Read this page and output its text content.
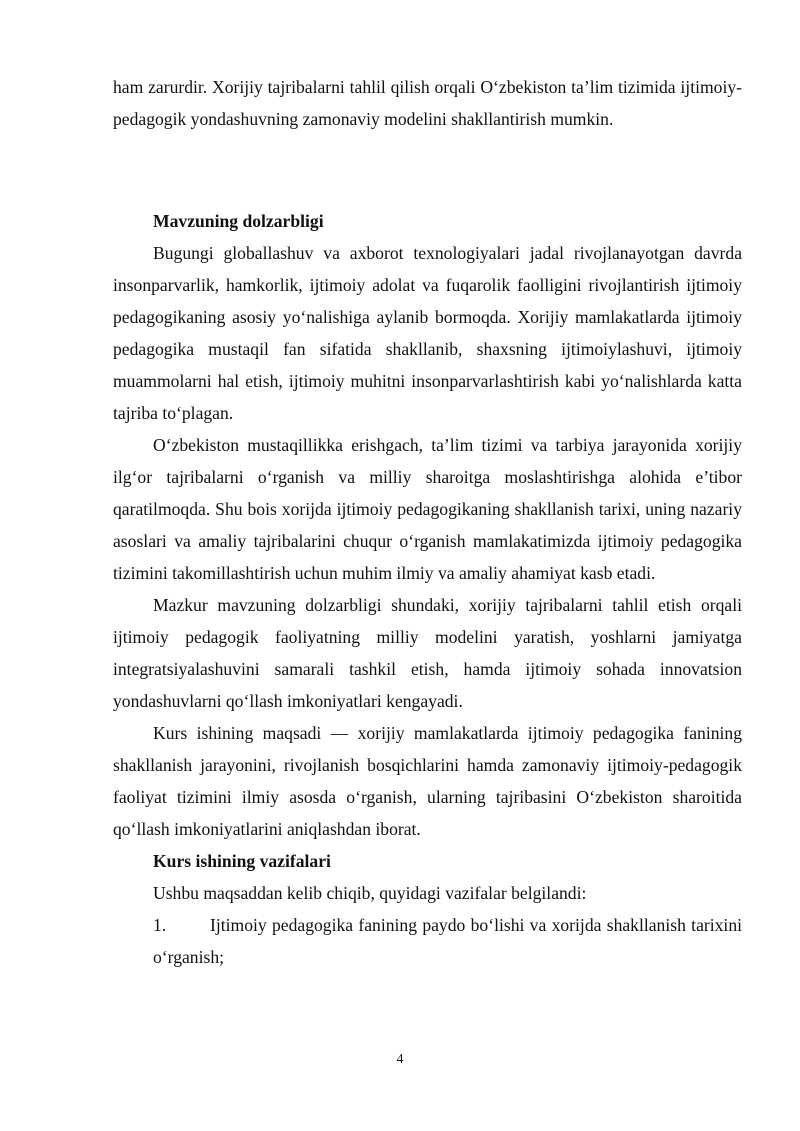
ham zarurdir. Xorijiy tajribalarni tahlil qilish orqali O‘zbekiston ta’lim tizimida ijtimoiy-pedagogik yondashuvning zamonaviy modelini shakllantirish mumkin.

Mavzuning dolzarbligi

Bugungi globallashuv va axborot texnologiyalari jadal rivojlanayotgan davrda insonparvarlik, hamkorlik, ijtimoiy adolat va fuqarolik faolligini rivojlantirish ijtimoiy pedagogikaning asosiy yo‘nalishiga aylanib bormoqda. Xorijiy mamlakatlarda ijtimoiy pedagogika mustaqil fan sifatida shakllanib, shaxsning ijtimoiylashuvi, ijtimoiy muammolarni hal etish, ijtimoiy muhitni insonparvarlashtirish kabi yo‘nalishlarda katta tajriba to‘plagan.

O‘zbekiston mustaqillikka erishgach, ta’lim tizimi va tarbiya jarayonida xorijiy ilg‘or tajribalarni o‘rganish va milliy sharoitga moslashtirishga alohida e’tibor qaratilmoqda. Shu bois xorijda ijtimoiy pedagogikaning shakllanish tarixi, uning nazariy asoslari va amaliy tajribalarini chuqur o‘rganish mamlakatimizda ijtimoiy pedagogika tizimini takomillashtirish uchun muhim ilmiy va amaliy ahamiyat kasb etadi.

Mazkur mavzuning dolzarbligi shundaki, xorijiy tajribalarni tahlil etish orqali ijtimoiy pedagogik faoliyatning milliy modelini yaratish, yoshlarni jamiyatga integratsiyalashuvini samarali tashkil etish, hamda ijtimoiy sohada innovatsion yondashuvlarni qo‘llash imkoniyatlari kengayadi.

Kurs ishining maqsadi — xorijiy mamlakatlarda ijtimoiy pedagogika fanining shakllanish jarayonini, rivojlanish bosqichlarini hamda zamonaviy ijtimoiy-pedagogik faoliyat tizimini ilmiy asosda o‘rganish, ularning tajribasini O‘zbekiston sharoitida qo‘llash imkoniyatlarini aniqlashdan iborat.

Kurs ishining vazifalari

Ushbu maqsaddan kelib chiqib, quyidagi vazifalar belgilandi:

1. Ijtimoiy pedagogika fanining paydo bo‘lishi va xorijda shakllanish tarixini o‘rganish;

4
